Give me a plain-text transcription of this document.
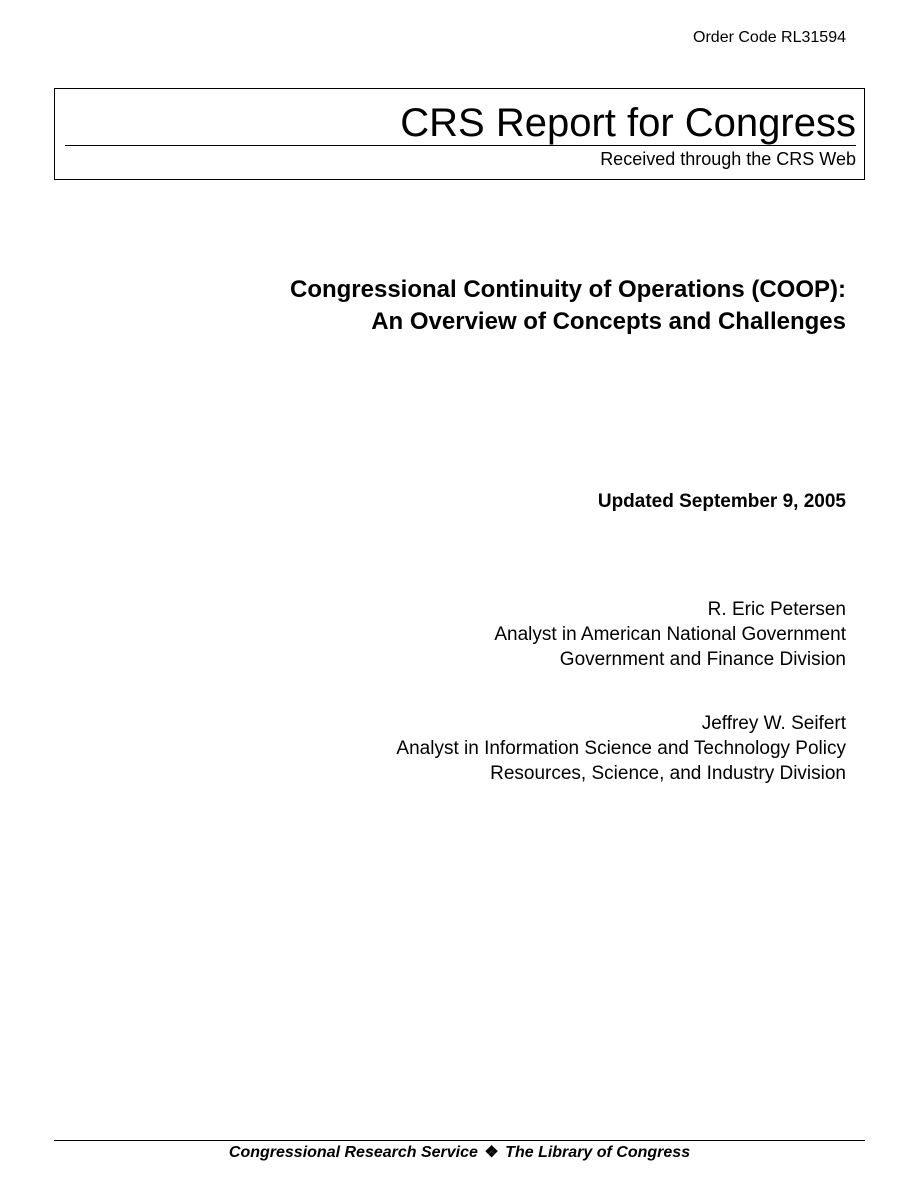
Order Code RL31594
CRS Report for Congress
Received through the CRS Web
Congressional Continuity of Operations (COOP):
An Overview of Concepts and Challenges
Updated September 9, 2005
R. Eric Petersen
Analyst in American National Government
Government and Finance Division
Jeffrey W. Seifert
Analyst in Information Science and Technology Policy
Resources, Science, and Industry Division
Congressional Research Service ❖ The Library of Congress
